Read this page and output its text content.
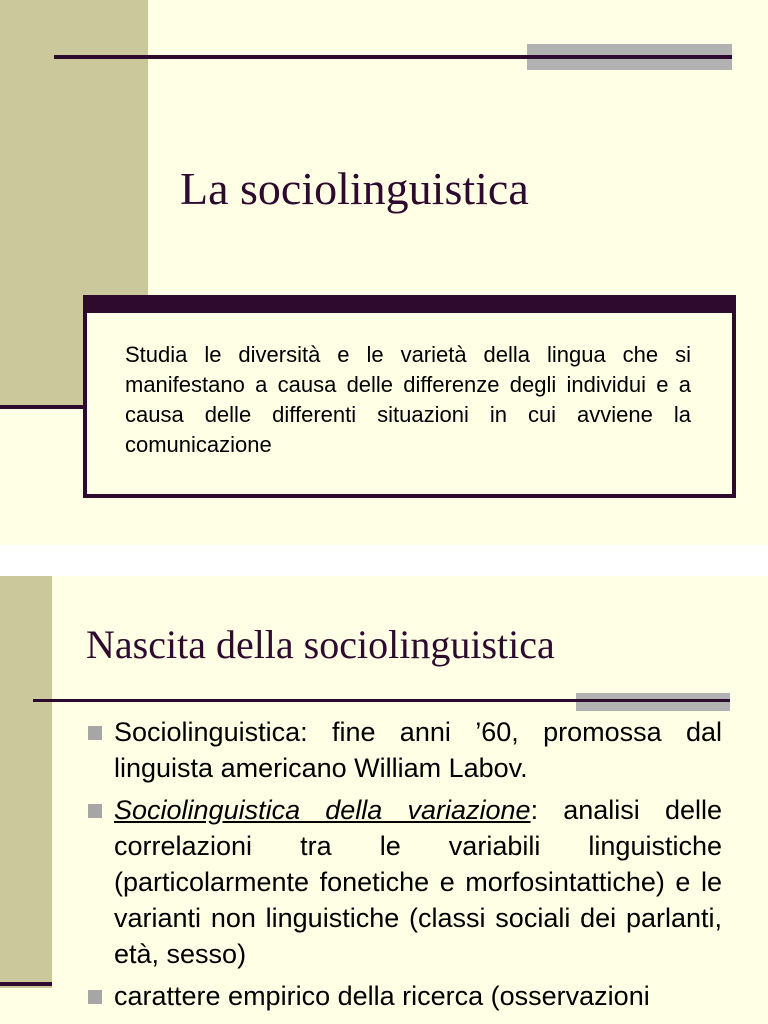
La sociolinguistica
Studia le diversità e le varietà della lingua che si manifestano a causa delle differenze degli individui e a causa delle differenti situazioni in cui avviene la comunicazione
Nascita della sociolinguistica
Sociolinguistica: fine anni ’60, promossa dal linguista americano William Labov.
Sociolinguistica della variazione: analisi delle correlazioni tra le variabili linguistiche (particolarmente fonetiche e morfosintattiche) e le varianti non linguistiche (classi sociali dei parlanti, età, sesso)
carattere empirico della ricerca (osservazioni
